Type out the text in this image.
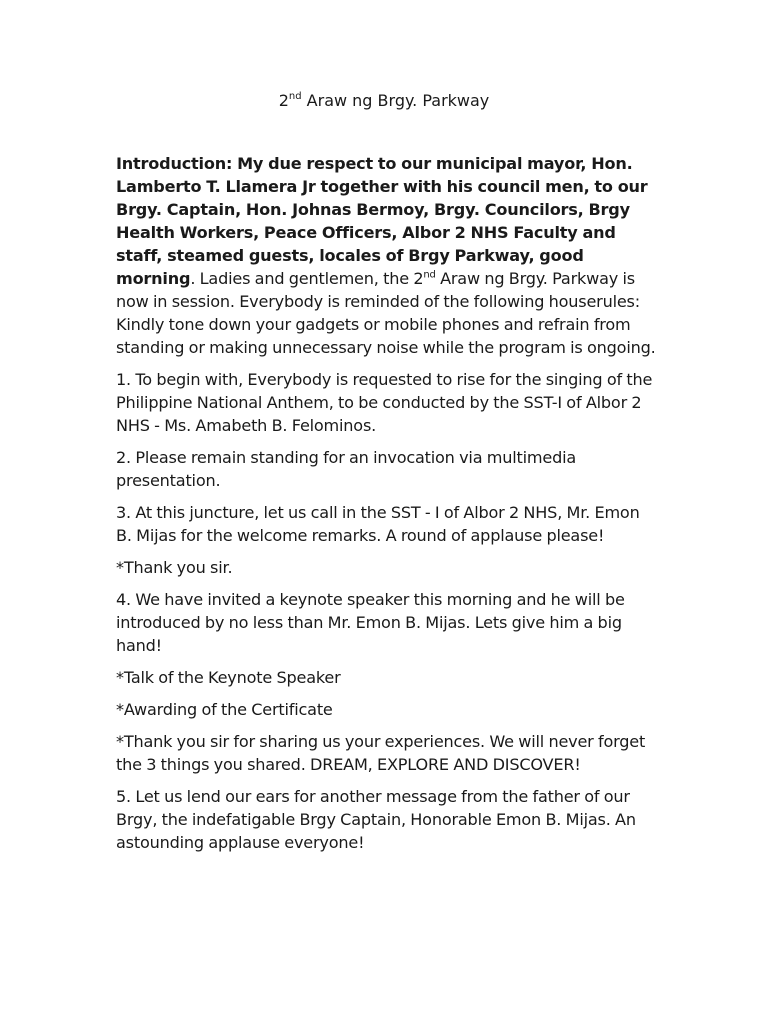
2nd Araw ng Brgy. Parkway

Introduction: My due respect to our municipal mayor, Hon. Lamberto T. Llamera Jr together with his council men, to our Brgy. Captain, Hon. Johnas Bermoy, Brgy. Councilors, Brgy Health Workers, Peace Officers, Albor 2 NHS Faculty and staff, steamed guests, locales of Brgy Parkway, good morning. Ladies and gentlemen, the 2nd Araw ng Brgy. Parkway is now in session. Everybody is reminded of the following houserules: Kindly tone down your gadgets or mobile phones and refrain from standing or making unnecessary noise while the program is ongoing.

1. To begin with, Everybody is requested to rise for the singing of the Philippine National Anthem, to be conducted by the SST-I of Albor 2 NHS - Ms. Amabeth B. Felominos.

2. Please remain standing for an invocation via multimedia presentation.

3. At this juncture, let us call in the SST - I of Albor 2 NHS, Mr. Emon B. Mijas for the welcome remarks. A round of applause please!

*Thank you sir.

4. We have invited a keynote speaker this morning and he will be introduced by no less than Mr. Emon B. Mijas. Lets give him a big hand!

*Talk of the Keynote Speaker

*Awarding of the Certificate

*Thank you sir for sharing us your experiences. We will never forget the 3 things you shared. DREAM, EXPLORE AND DISCOVER!

5. Let us lend our ears for another message from the father of our Brgy, the indefatigable Brgy Captain, Honorable Emon B. Mijas. An astounding applause everyone!
